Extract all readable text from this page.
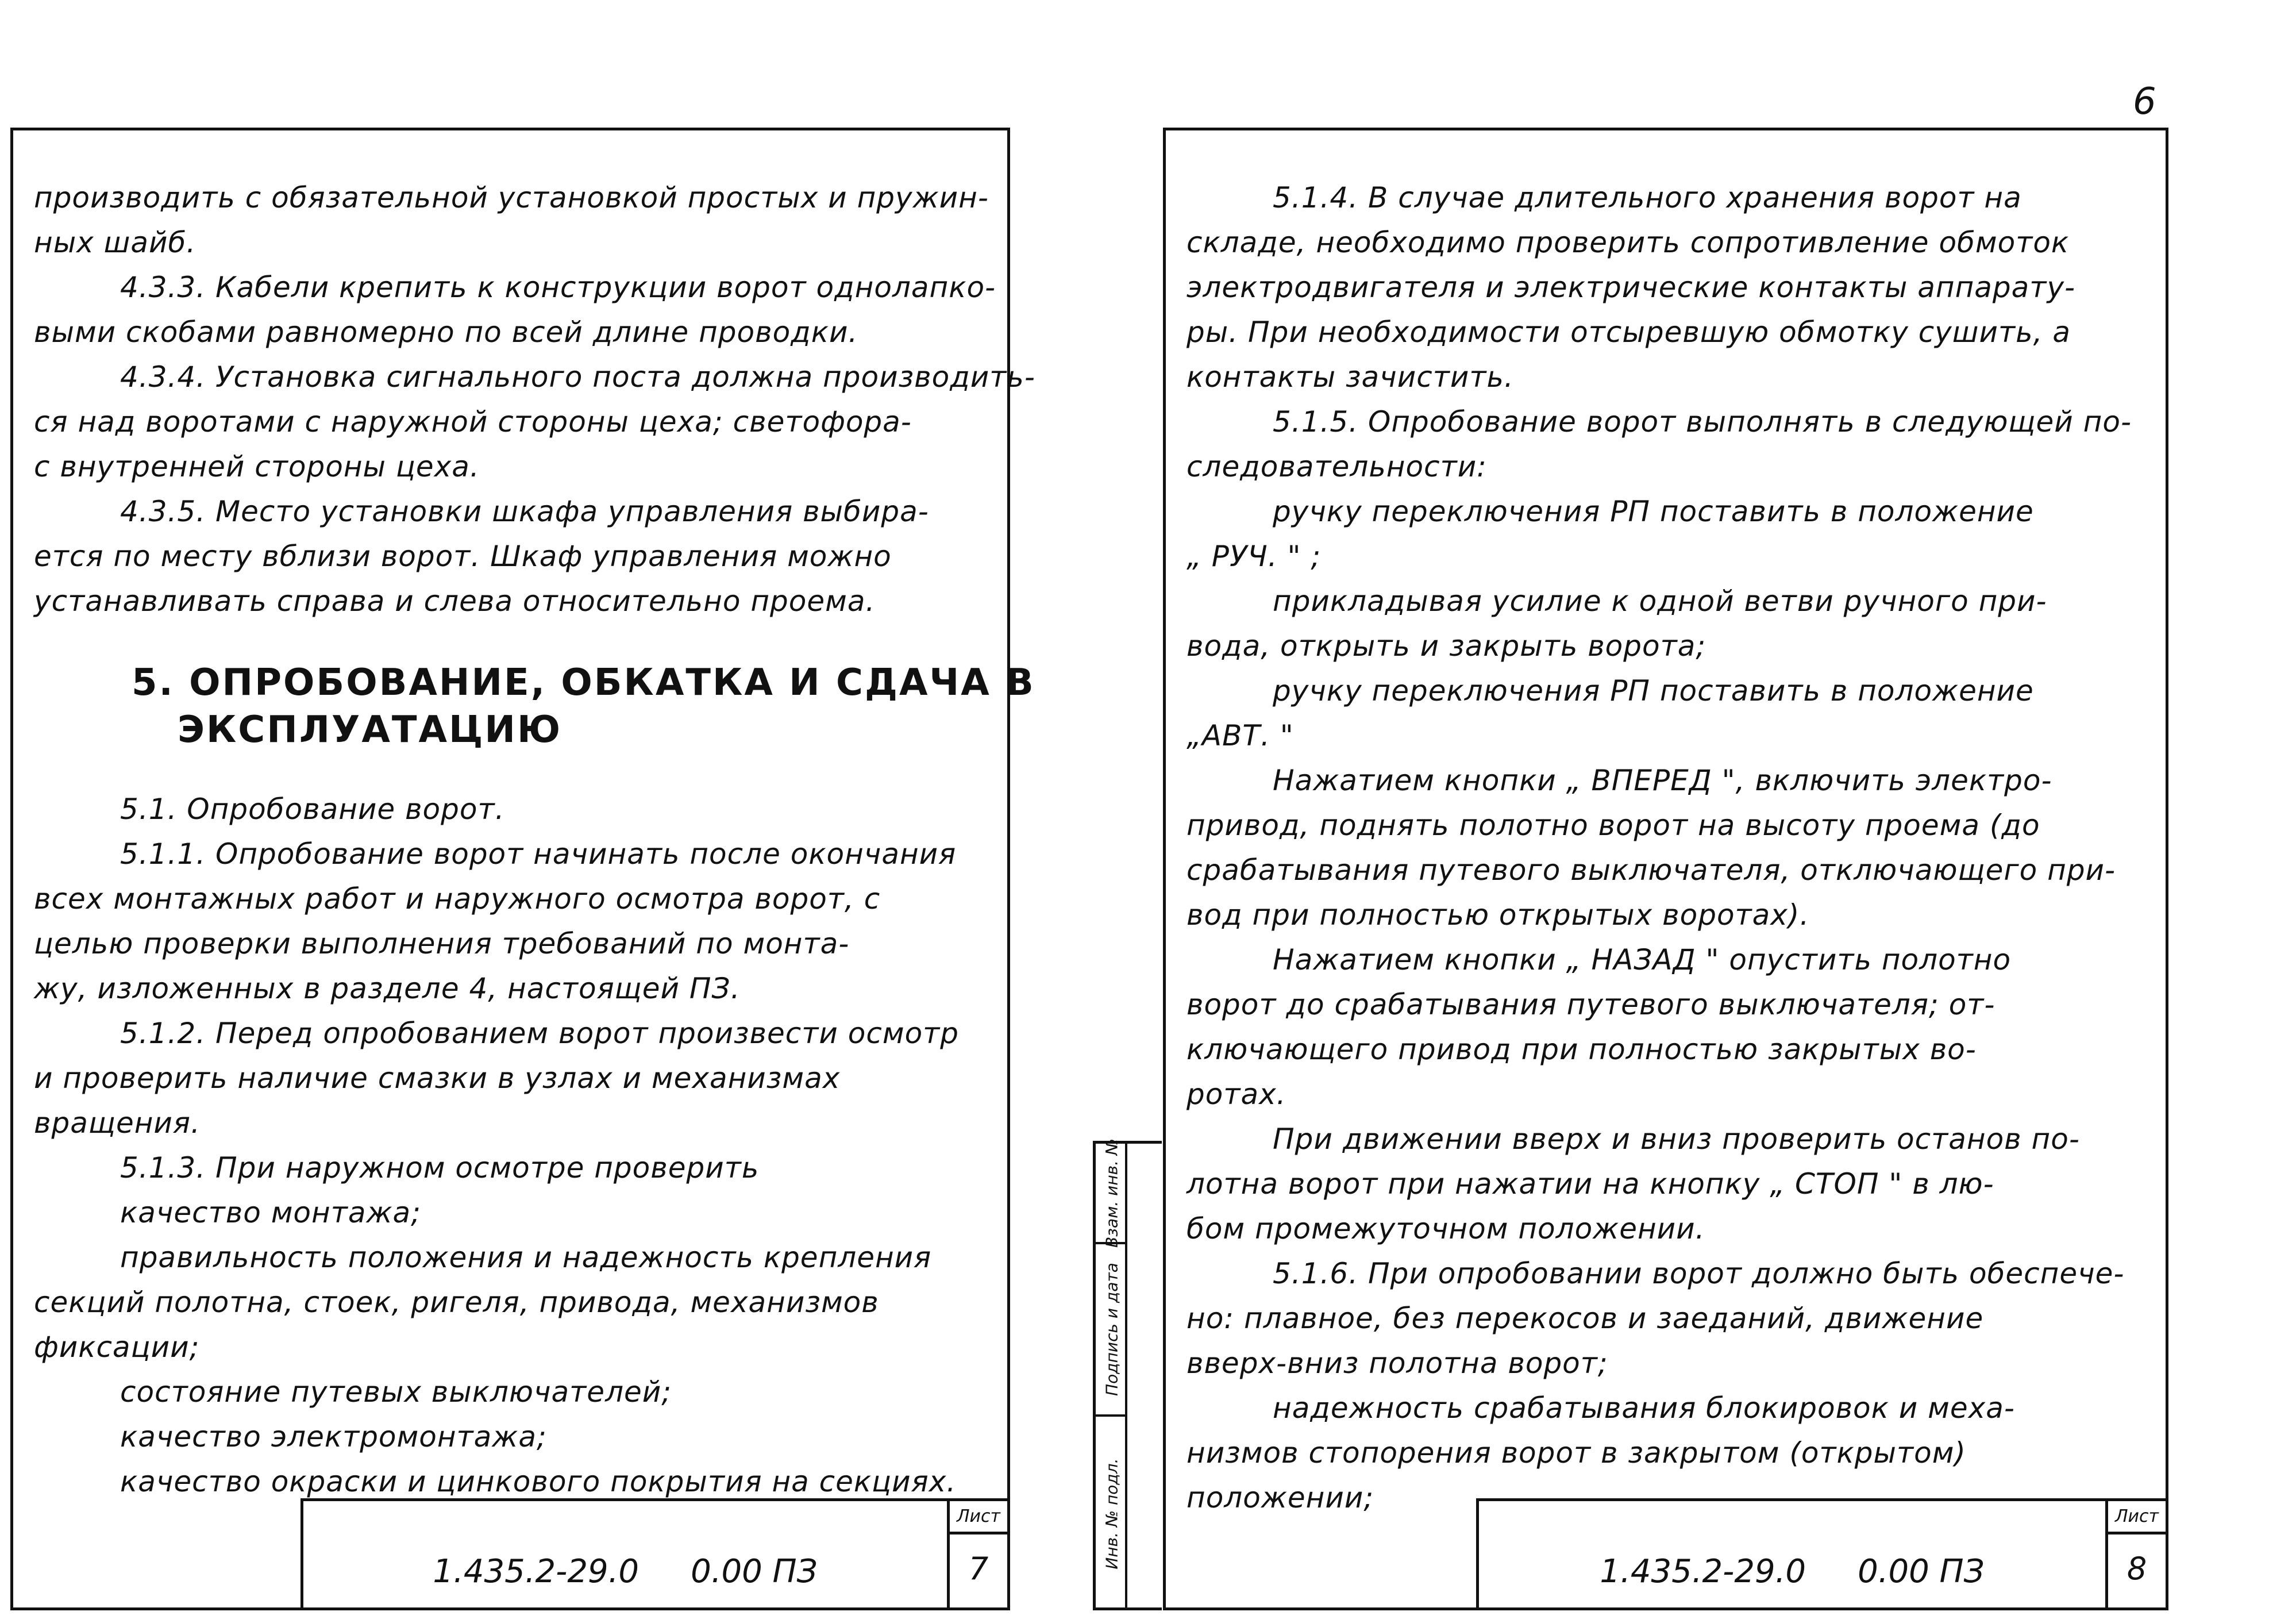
6

производить с обязательной установкой простых и пружин-

ных шайб.

4.3.3. Кабели крепить к конструкции ворот однолапко-

выми скобами равномерно по всей длине проводки.

4.3.4. Установка сигнального поста должна производить-

ся над воротами с наружной стороны цеха; светофора-

с внутренней стороны цеха.

4.3.5. Место установки шкафа управления выбира-

ется по месту вблизи ворот. Шкаф управления можно

устанавливать справа и слева относительно проема.

5. ОПРОБОВАНИЕ, ОБКАТКА И СДАЧА В

ЭКСПЛУАТАЦИЮ

5.1. Опробование ворот.

5.1.1. Опробование ворот начинать после окончания

всех монтажных работ и наружного осмотра ворот, с

целью проверки выполнения требований по монта-

жу, изложенных в разделе 4, настоящей ПЗ.

5.1.2. Перед опробованием ворот произвести осмотр

и проверить наличие смазки в узлах и механизмах

вращения.

5.1.3. При наружном осмотре проверить

качество монтажа;

правильность положения и надежность крепления

секций полотна, стоек, ригеля, привода, механизмов

фиксации;

состояние путевых выключателей;

качество электромонтажа;

качество окраски и цинкового покрытия на секциях.

1.435.2-29.0 0.00 ПЗ
Лист
7
Взам. инв. №
Подпись и дата
Инв. № подл.

5.1.4. В случае длительного хранения ворот на

складе, необходимо проверить сопротивление обмоток

электродвигателя и электрические контакты аппарату-

ры. При необходимости отсыревшую обмотку сушить, а

контакты зачистить.

5.1.5. Опробование ворот выполнять в следующей по-

следовательности:

ручку переключения РП поставить в положение

„ РУЧ. " ;

прикладывая усилие к одной ветви ручного при-

вода, открыть и закрыть ворота;

ручку переключения РП поставить в положение

„АВТ. "

Нажатием кнопки „ ВПЕРЕД ", включить электро-

привод, поднять полотно ворот на высоту проема (до

срабатывания путевого выключателя, отключающего при-

вод при полностью открытых воротах).

Нажатием кнопки „ НАЗАД " опустить полотно

ворот до срабатывания путевого выключателя; от-

ключающего привод при полностью закрытых во-

ротах.

При движении вверх и вниз проверить останов по-

лотна ворот при нажатии на кнопку „ СТОП " в лю-

бом промежуточном положении.

5.1.6. При опробовании ворот должно быть обеспече-

но: плавное, без перекосов и заеданий, движение

вверх-вниз полотна ворот;

надежность срабатывания блокировок и меха-

низмов стопорения ворот в закрытом (открытом)

положении;

1.435.2-29.0 0.00 ПЗ
Лист
8
